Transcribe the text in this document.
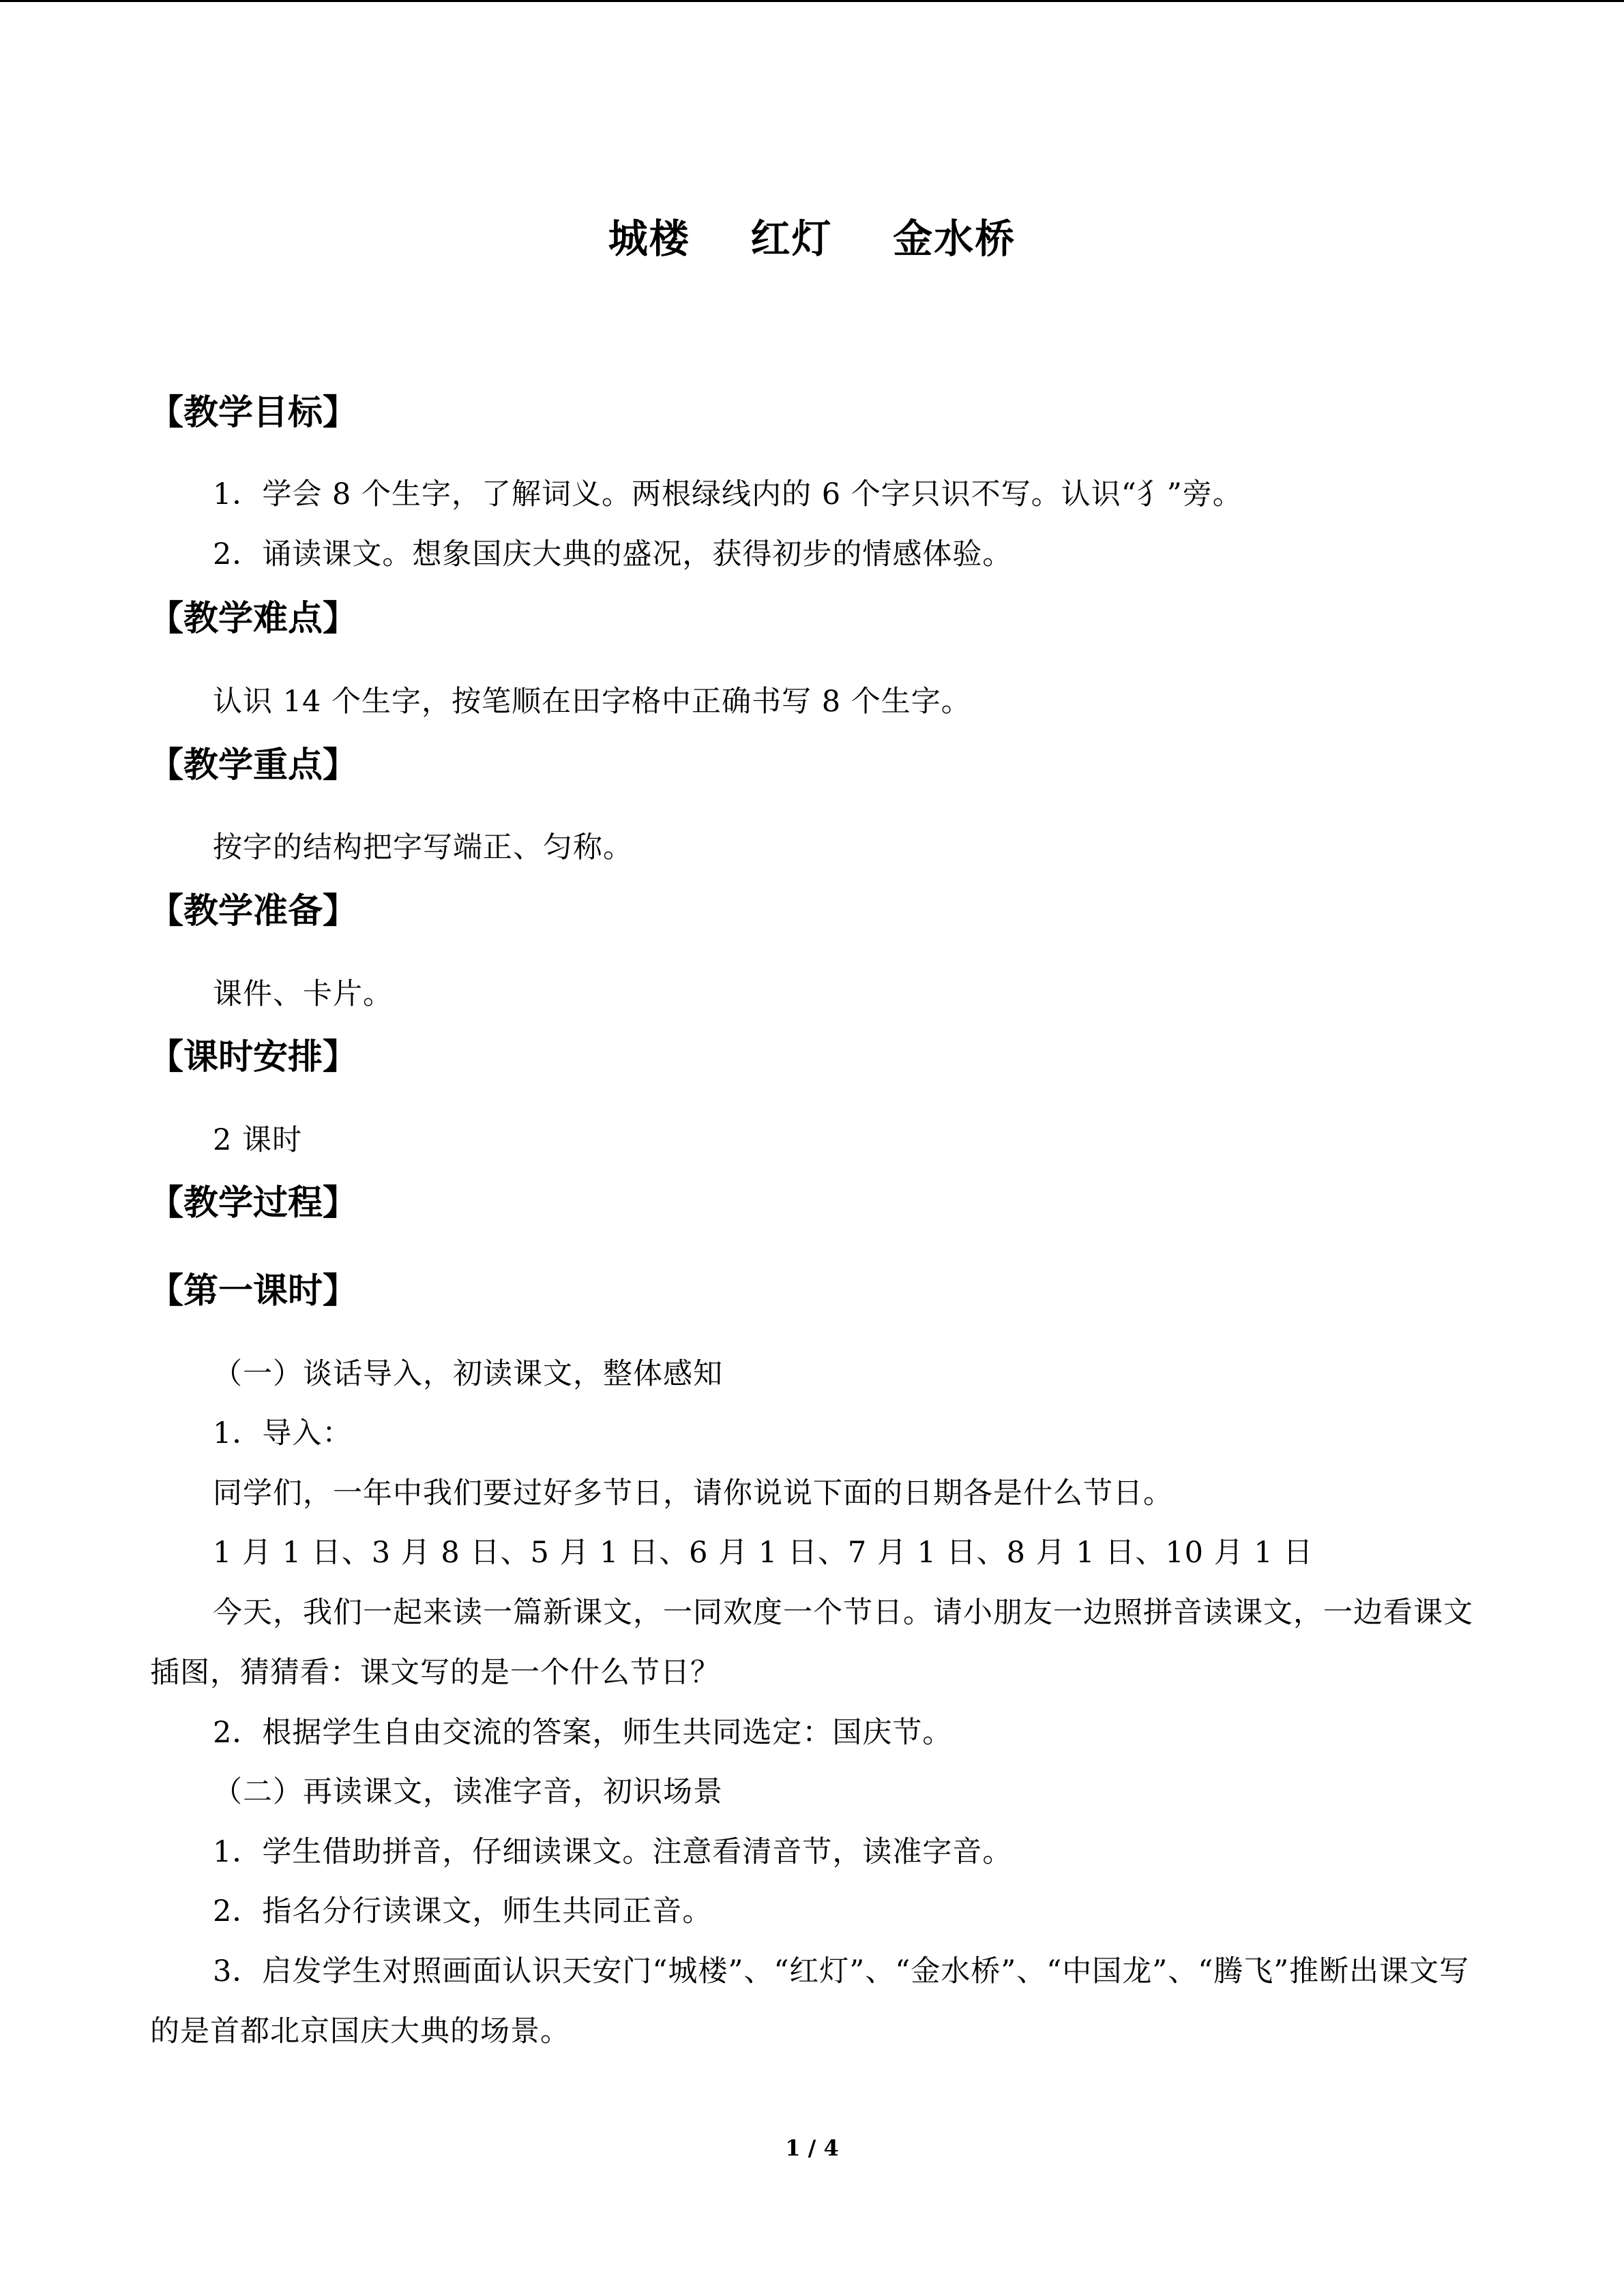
城楼    红灯    金水桥
【教学目标】

1．学会 8 个生字，了解词义。两根绿线内的 6 个字只识不写。认识“犭”旁。

2．诵读课文。想象国庆大典的盛况，获得初步的情感体验。

【教学难点】

认识 14 个生字，按笔顺在田字格中正确书写 8 个生字。

【教学重点】

按字的结构把字写端正、匀称。

【教学准备】

课件、卡片。

【课时安排】

2 课时

【教学过程】
【第一课时】

（一）谈话导入，初读课文，整体感知

1．导入：

同学们，一年中我们要过好多节日，请你说说下面的日期各是什么节日。

1 月 1 日、3 月 8 日、5 月 1 日、6 月 1 日、7 月 1 日、8 月 1 日、10 月 1 日

今天，我们一起来读一篇新课文，一同欢度一个节日。请小朋友一边照拼音读课文，一边看课文插图，猜猜看：课文写的是一个什么节日？

2．根据学生自由交流的答案，师生共同选定：国庆节。

（二）再读课文，读准字音，初识场景

1．学生借助拼音，仔细读课文。注意看清音节，读准字音。

2．指名分行读课文，师生共同正音。

3．启发学生对照画面认识天安门“城楼”、“红灯”、“金水桥”、“中国龙”、“腾飞”推断出课文写的是首都北京国庆大典的场景。

1 / 4
